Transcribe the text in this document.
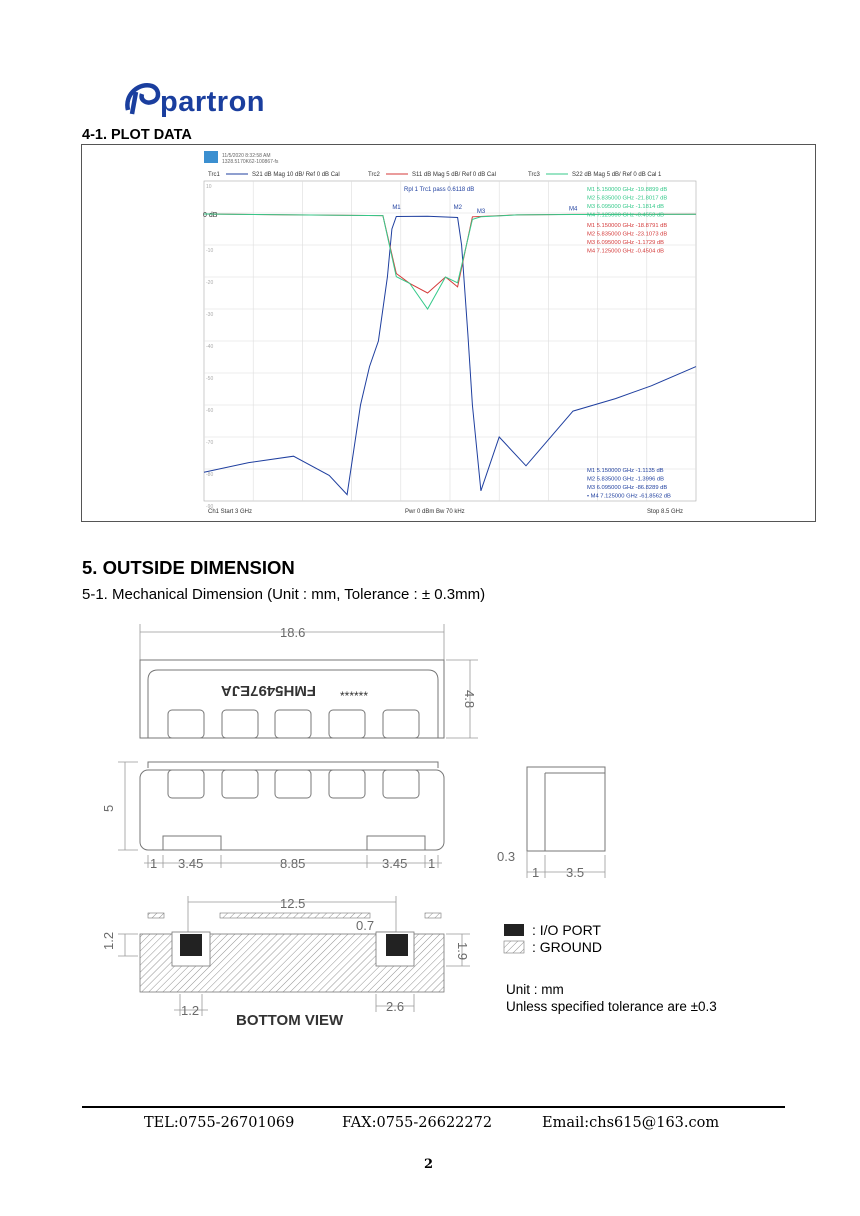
partron
4-1. PLOT DATA
11/5/2020 8:32:58 AM
1328.5170K62-100867-fs
Trc1	S21 dB Mag 10 dB/ Ref 0 dB Cal	Trc2	S11 dB Mag 5 dB/ Ref 0 dB Cal	Trc3	S22 dB Mag 5 dB/ Ref 0 dB Cal 1
10
-10
-20
-30
-40
-50
-60
-70
-80
-90
0 dB
Rpl 1 Trc1 pass 0.6118 dB
M1	M2
M3	M4
M1 5.150000 GHz -19.8899 dB
M2 5.835000 GHz -21.8017 dB
M3 6.095000 GHz -1.1814 dB
M4 7.125000 GHz -0.4553 dB
M1 5.150000 GHz -18.8791 dB
M2 5.835000 GHz -23.1073 dB
M3 6.095000 GHz -1.1729 dB
M4 7.125000 GHz -0.4504 dB
M1 5.150000 GHz -1.1135 dB
M2 5.835000 GHz -1.3996 dB
M3 6.095000 GHz -86.8289 dB
• M4 7.125000 GHz -61.8562 dB
Ch1 Start 3 GHz	Pwr 0 dBm Bw 70 kHz	Stop 8.5 GHz
5. OUTSIDE DIMENSION
5-1. Mechanical Dimension (Unit : mm, Tolerance : ± 0.3mm)
18.6
FMH5497EJA ******	4.8
5
1 3.45	8.85	3.45 1	0.3
1 3.5
12.5
0.7
1.2
1.9
1.2	2.6
BOTTOM VIEW
: I/O PORT
: GROUND
Unit : mm
Unless specified tolerance are ±0.3
TEL:0755-26701069	FAX:0755-26622272	Email:chs615@163.com
2
